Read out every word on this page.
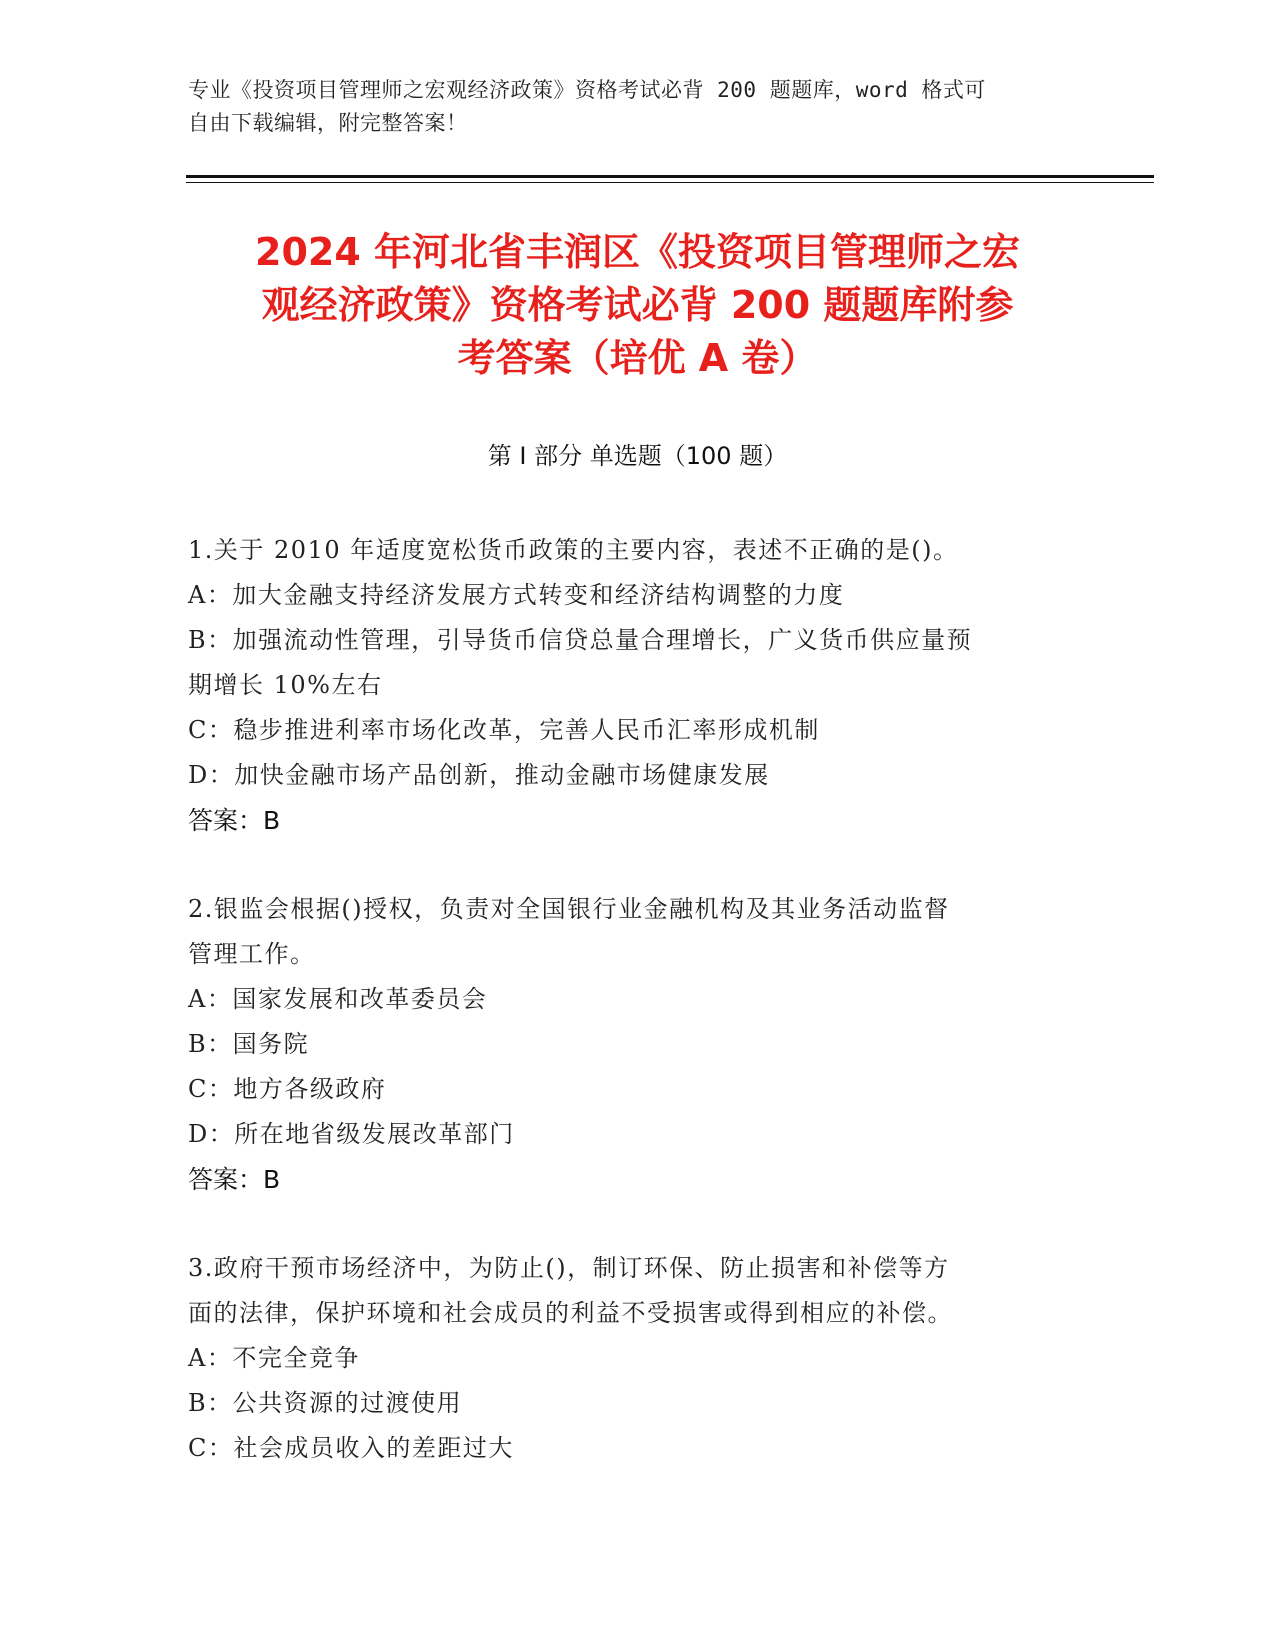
专业《投资项目管理师之宏观经济政策》资格考试必背 200 题题库，word 格式可
自由下载编辑，附完整答案！
2024 年河北省丰润区《投资项目管理师之宏
观经济政策》资格考试必背 200 题题库附参
考答案（培优 A 卷）
第 I 部分 单选题（100 题）
1.关于 2010 年适度宽松货币政策的主要内容，表述不正确的是()。
A：加大金融支持经济发展方式转变和经济结构调整的力度
B：加强流动性管理，引导货币信贷总量合理增长，广义货币供应量预
期增长 10%左右
C：稳步推进利率市场化改革，完善人民币汇率形成机制
D：加快金融市场产品创新，推动金融市场健康发展
答案：B
2.银监会根据()授权，负责对全国银行业金融机构及其业务活动监督
管理工作。
A：国家发展和改革委员会
B：国务院
C：地方各级政府
D：所在地省级发展改革部门
答案：B
3.政府干预市场经济中，为防止()，制订环保、防止损害和补偿等方
面的法律，保护环境和社会成员的利益不受损害或得到相应的补偿。
A：不完全竞争
B：公共资源的过渡使用
C：社会成员收入的差距过大
